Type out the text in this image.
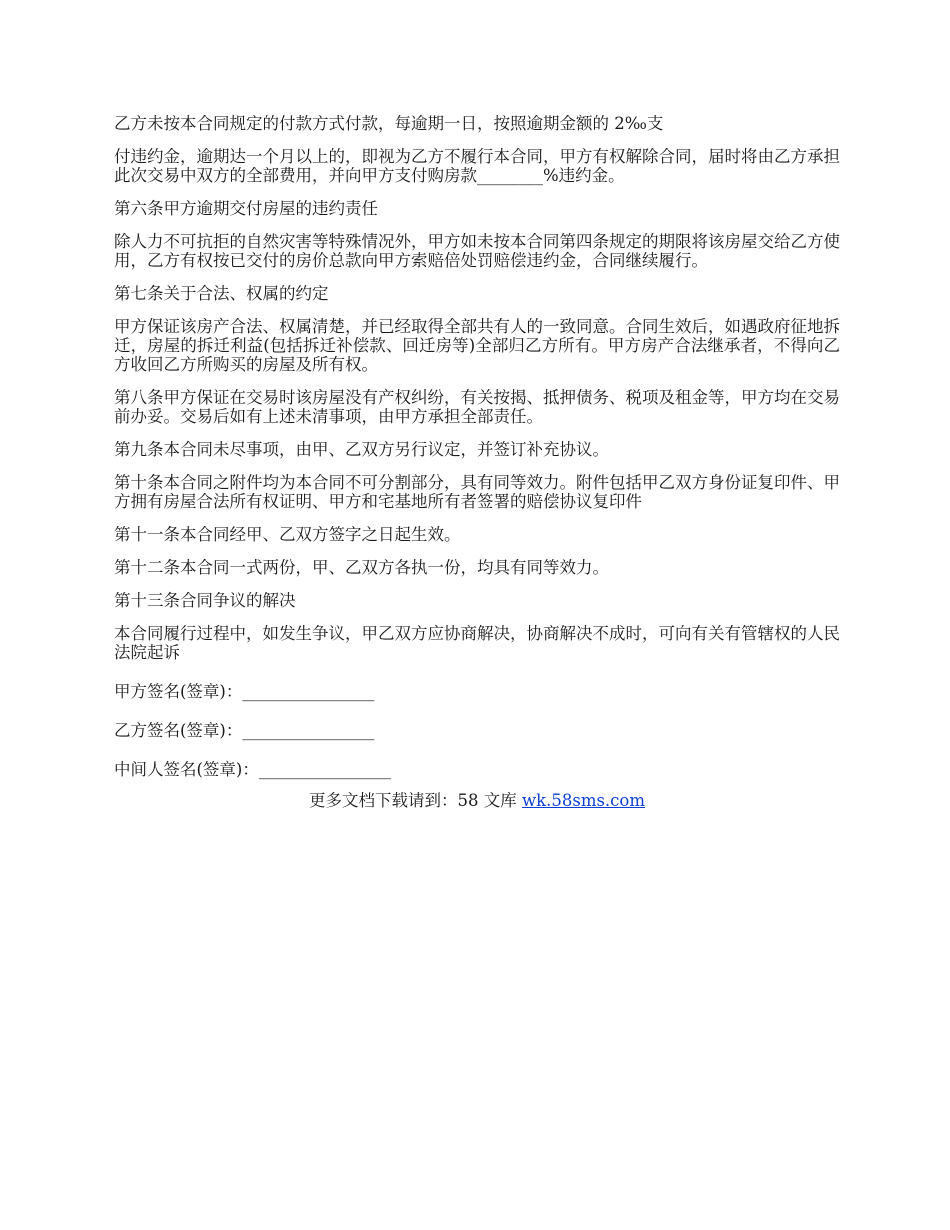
乙方未按本合同规定的付款方式付款，每逾期一日，按照逾期金额的 2‰支

付违约金，逾期达一个月以上的，即视为乙方不履行本合同，甲方有权解除合同，届时将由乙方承担此次交易中双方的全部费用，并向甲方支付购房款________%违约金。

第六条甲方逾期交付房屋的违约责任

除人力不可抗拒的自然灾害等特殊情况外，甲方如未按本合同第四条规定的期限将该房屋交给乙方使用，乙方有权按已交付的房价总款向甲方索赔倍处罚赔偿违约金，合同继续履行。

第七条关于合法、权属的约定

甲方保证该房产合法、权属清楚，并已经取得全部共有人的一致同意。合同生效后，如遇政府征地拆迁，房屋的拆迁利益(包括拆迁补偿款、回迁房等)全部归乙方所有。甲方房产合法继承者，不得向乙方收回乙方所购买的房屋及所有权。

第八条甲方保证在交易时该房屋没有产权纠纷，有关按揭、抵押债务、税项及租金等，甲方均在交易前办妥。交易后如有上述未清事项，由甲方承担全部责任。

第九条本合同未尽事项，由甲、乙双方另行议定，并签订补充协议。

第十条本合同之附件均为本合同不可分割部分，具有同等效力。附件包括甲乙双方身份证复印件、甲方拥有房屋合法所有权证明、甲方和宅基地所有者签署的赔偿协议复印件

第十一条本合同经甲、乙双方签字之日起生效。

第十二条本合同一式两份，甲、乙双方各执一份，均具有同等效力。

第十三条合同争议的解决

本合同履行过程中，如发生争议，甲乙双方应协商解决，协商解决不成时，可向有关有管辖权的人民法院起诉

甲方签名(签章)：________________

乙方签名(签章)：________________

中间人签名(签章)：________________

更多文档下载请到：58 文库 wk.58sms.com
